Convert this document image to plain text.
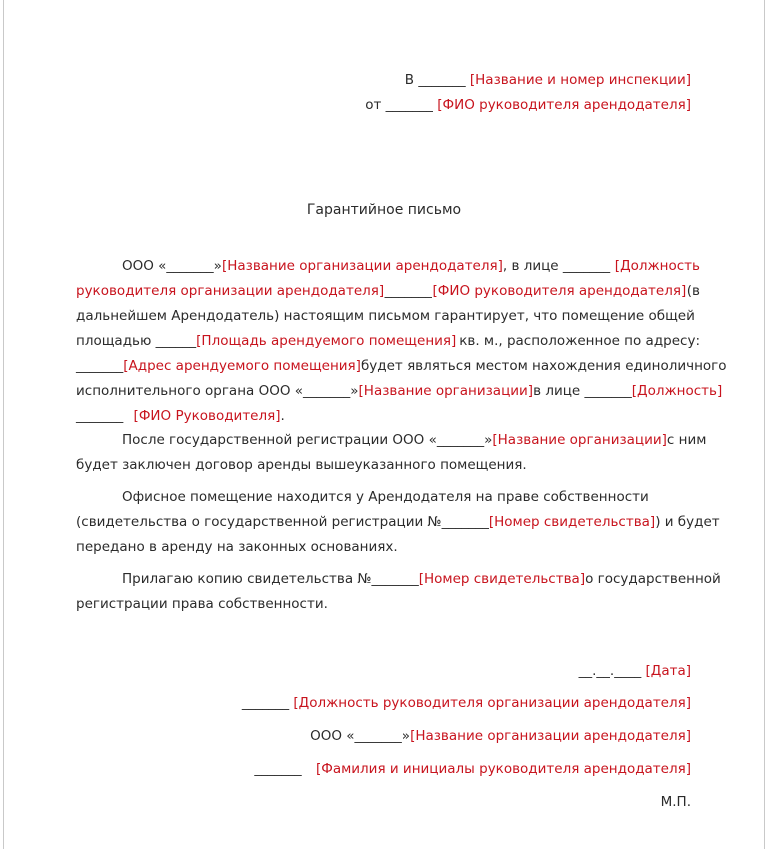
В _______ [Название и номер инспекции]
от _______ [ФИО руководителя арендодателя]
Гарантийное письмо
ООО «_______»[Название организации арендодателя], в лице _______ [Должность
руководителя организации арендодателя] _______ [ФИО руководителя арендодателя] (в
дальнейшем Арендодатель) настоящим письмом гарантирует, что помещение общей
площадью ______[Площадь арендуемого помещения] кв. м., расположенное по адресу:
_______ [Адрес арендуемого помещения] будет являться местом нахождения единоличного
исполнительного органа ООО «_______»[Название организации] в лице _______ [Должность]
_______ [ФИО Руководителя].
После государственной регистрации ООО «_______» [Название организации] с ним
будет заключен договор аренды вышеуказанного помещения.
Офисное помещение находится у Арендодателя на праве собственности
(свидетельства о государственной регистрации №_______ [Номер свидетельства]) и будет
передано в аренду на законных основаниях.
Прилагаю копию свидетельства №_______ [Номер свидетельства] о государственной
регистрации права собственности.
__.__.____ [Дата]
_______ [Должность руководителя организации арендодателя]
ООО «_______»[Название организации арендодателя]
_______ [Фамилия и инициалы руководителя арендодателя]
М.П.
